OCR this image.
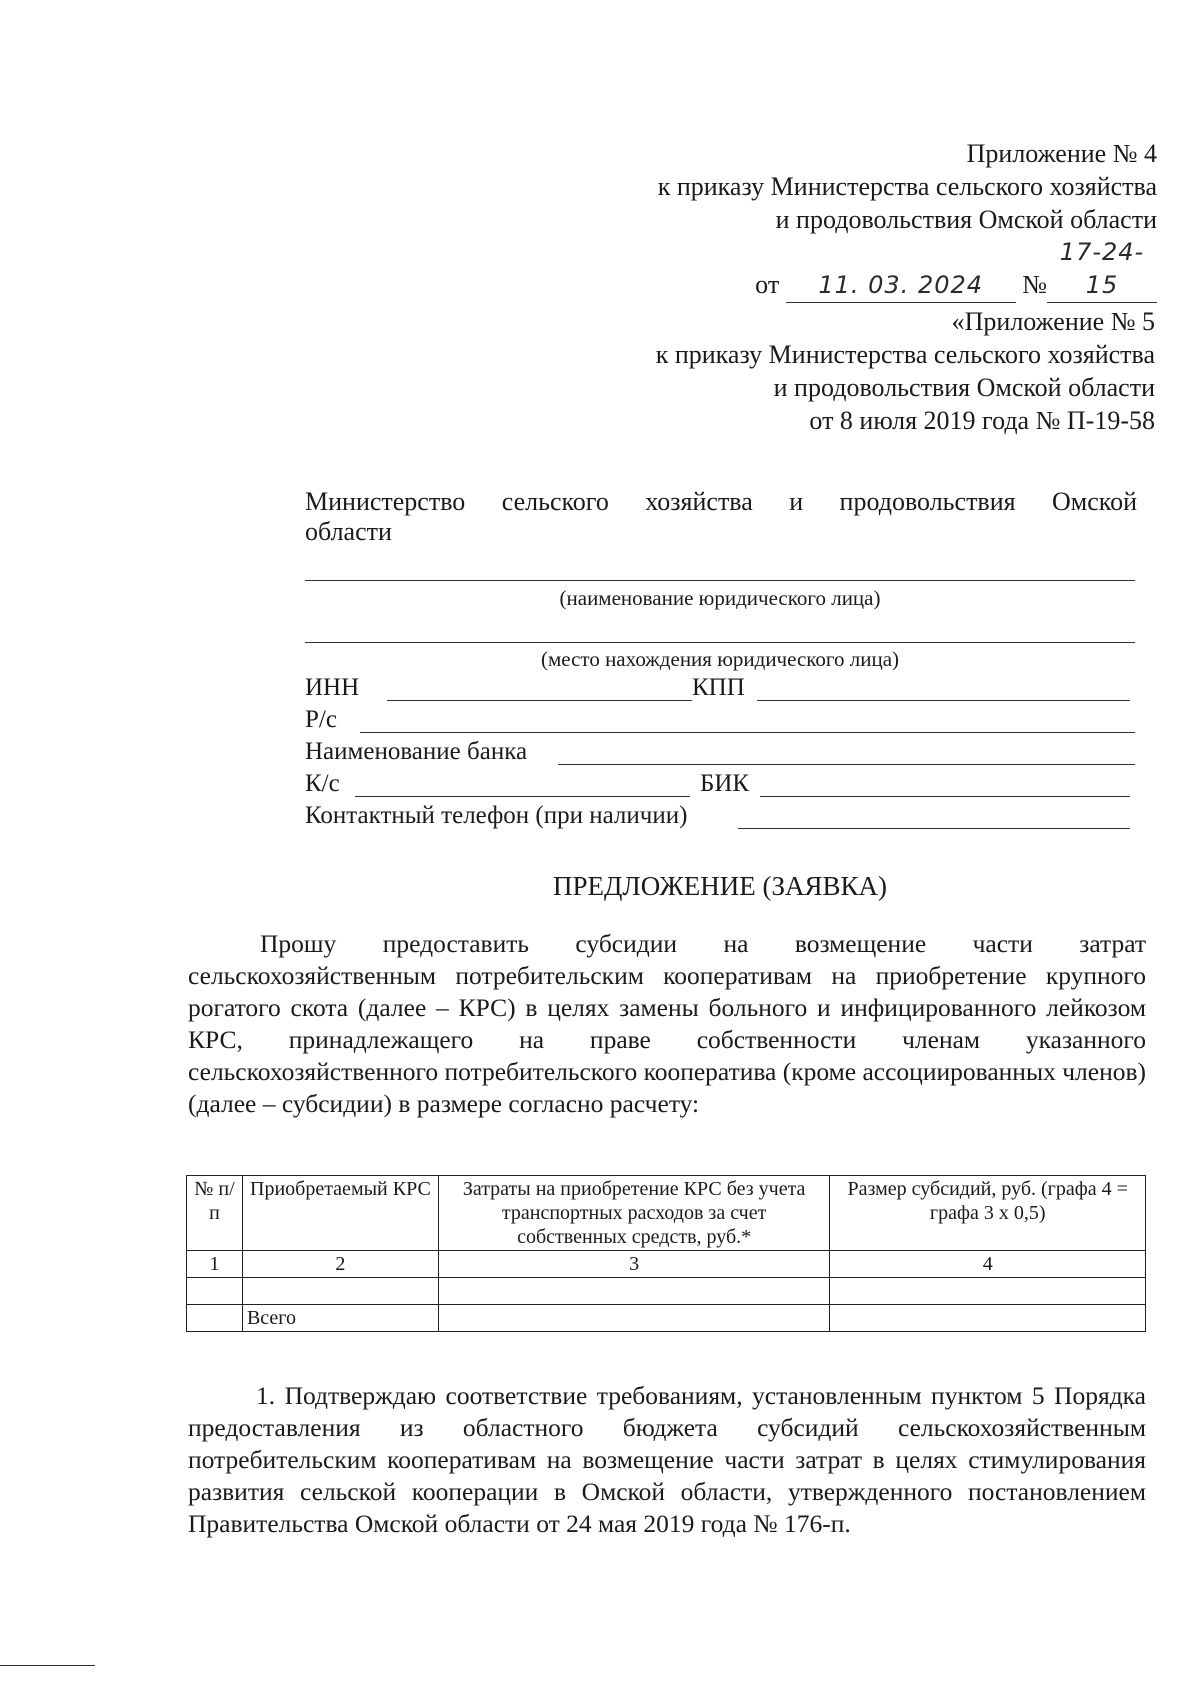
Приложение № 4
к приказу Министерства сельского хозяйства
и продовольствия Омской области
от 11. 03. 2024 №17-24-15
«Приложение № 5
к приказу Министерства сельского хозяйства
и продовольствия Омской области
от 8 июля 2019 года № П-19-58
Министерство сельского хозяйства и продовольствия Омской
области
(наименование юридического лица)
(место нахождения юридического лица)
ИНН	КПП
Р/с
Наименование банка
К/с	БИК
Контактный телефон (при наличии)
ПРЕДЛОЖЕНИЕ (ЗАЯВКА)
Прошу предоставить субсидии на возмещение части затрат сельскохозяйственным потребительским кооперативам на приобретение крупного рогатого скота (далее – КРС) в целях замены больного и инфицированного лейкозом КРС, принадлежащего на праве собственности членам указанного сельскохозяйственного потребительского кооператива (кроме ассоциированных членов) (далее – субсидии) в размере согласно расчету:
№ п/п	Приобретаемый КРС	Затраты на приобретение КРС без учета транспортных расходов за счет собственных средств, руб.*	Размер субсидий, руб. (графа 4 = графа 3 х 0,5)
1	2	3	4

	Всего		
1. Подтверждаю соответствие требованиям, установленным пунктом 5 Порядка предоставления из областного бюджета субсидий сельскохозяйственным потребительским кооперативам на возмещение части затрат в целях стимулирования развития сельской кооперации в Омской области, утвержденного постановлением Правительства Омской области от 24 мая 2019 года № 176-п.
